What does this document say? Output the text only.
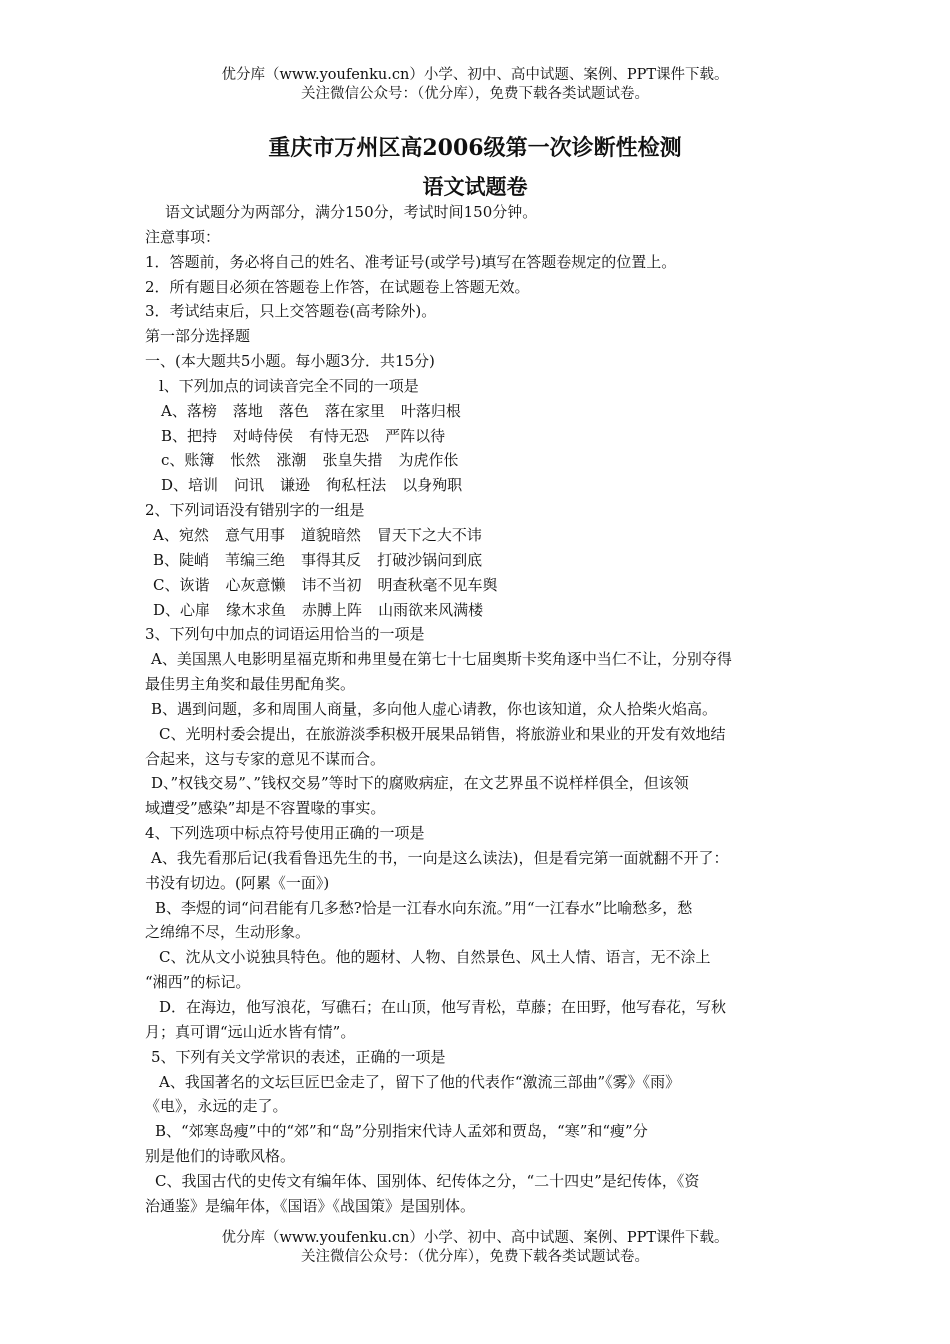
优分库（www.youfenku.cn）小学、初中、高中试题、案例、PPT课件下载。
关注微信公众号：（优分库），免费下载各类试题试卷。
重庆市万州区高2006级第一次诊断性检测
语文试题卷

语文试题分为两部分，满分150分，考试时间150分钟。

注意事项：

1．答题前，务必将自己的姓名、准考证号(或学号)填写在答题卷规定的位置上。

2．所有题目必须在答题卷上作答，在试题卷上答题无效。

3．考试结束后，只上交答题卷(高考除外)。

第一部分选择题

一、(本大题共5小题。每小题3分．共15分)

l、下列加点的词读音完全不同的一项是

A、落榜 落地 落色 落在家里 叶落归根

B、把持 对峙侍侯 有恃无恐 严阵以待

c、账簿 怅然 涨潮 张皇失措 为虎作伥

D、培训 问讯 谦逊 徇私枉法 以身殉职

2、下列词语没有错别字的一组是

A、宛然 意气用事 道貌暗然 冒天下之大不讳

B、陡峭 苇编三绝 事得其反 打破沙锅问到底

C、诙谐 心灰意懒 讳不当初 明查秋毫不见车舆

D、心扉 缘木求鱼 赤膊上阵 山雨欲来风满楼

3、下列句中加点的词语运用恰当的一项是

A、美国黑人电影明星福克斯和弗里曼在第七十七届奥斯卡奖角逐中当仁不让，分别夺得

最佳男主角奖和最佳男配角奖。

B、遇到问题，多和周围人商量，多向他人虚心请教，你也该知道，众人拾柴火焰高。

C、光明村委会提出，在旅游淡季积极开展果品销售，将旅游业和果业的开发有效地结

合起来，这与专家的意见不谋而合。

D、”权钱交易”、”钱权交易”等时下的腐败病症，在文艺界虽不说样样俱全，但该领

域遭受”感染”却是不容置喙的事实。

4、下列选项中标点符号使用正确的一项是

A、我先看那后记(我看鲁迅先生的书，一向是这么读法)，但是看完第一面就翻不开了：

书没有切边。(阿累《一面》)

B、李煜的词“问君能有几多愁?恰是一江春水向东流。”用“一江春水”比喻愁多，愁

之绵绵不尽，生动形象。

C、沈从文小说独具特色。他的题材、人物、自然景色、风土人情、语言，无不涂上

“湘西”的标记。

D．在海边，他写浪花，写礁石；在山顶，他写青松，草藤；在田野，他写春花，写秋

月；真可谓“远山近水皆有情”。

5、下列有关文学常识的表述，正确的一项是

A、我国著名的文坛巨匠巴金走了，留下了他的代表作“激流三部曲”《雾》《雨》

《电》，永远的走了。

B、“郊寒岛瘦”中的“郊”和“岛”分别指宋代诗人孟郊和贾岛，“寒”和“瘦”分

别是他们的诗歌风格。

C、我国古代的史传文有编年体、国别体、纪传体之分，“二十四史”是纪传体，《资

治通鉴》是编年体，《国语》《战国策》是国别体。

优分库（www.youfenku.cn）小学、初中、高中试题、案例、PPT课件下载。
关注微信公众号：（优分库），免费下载各类试题试卷。
